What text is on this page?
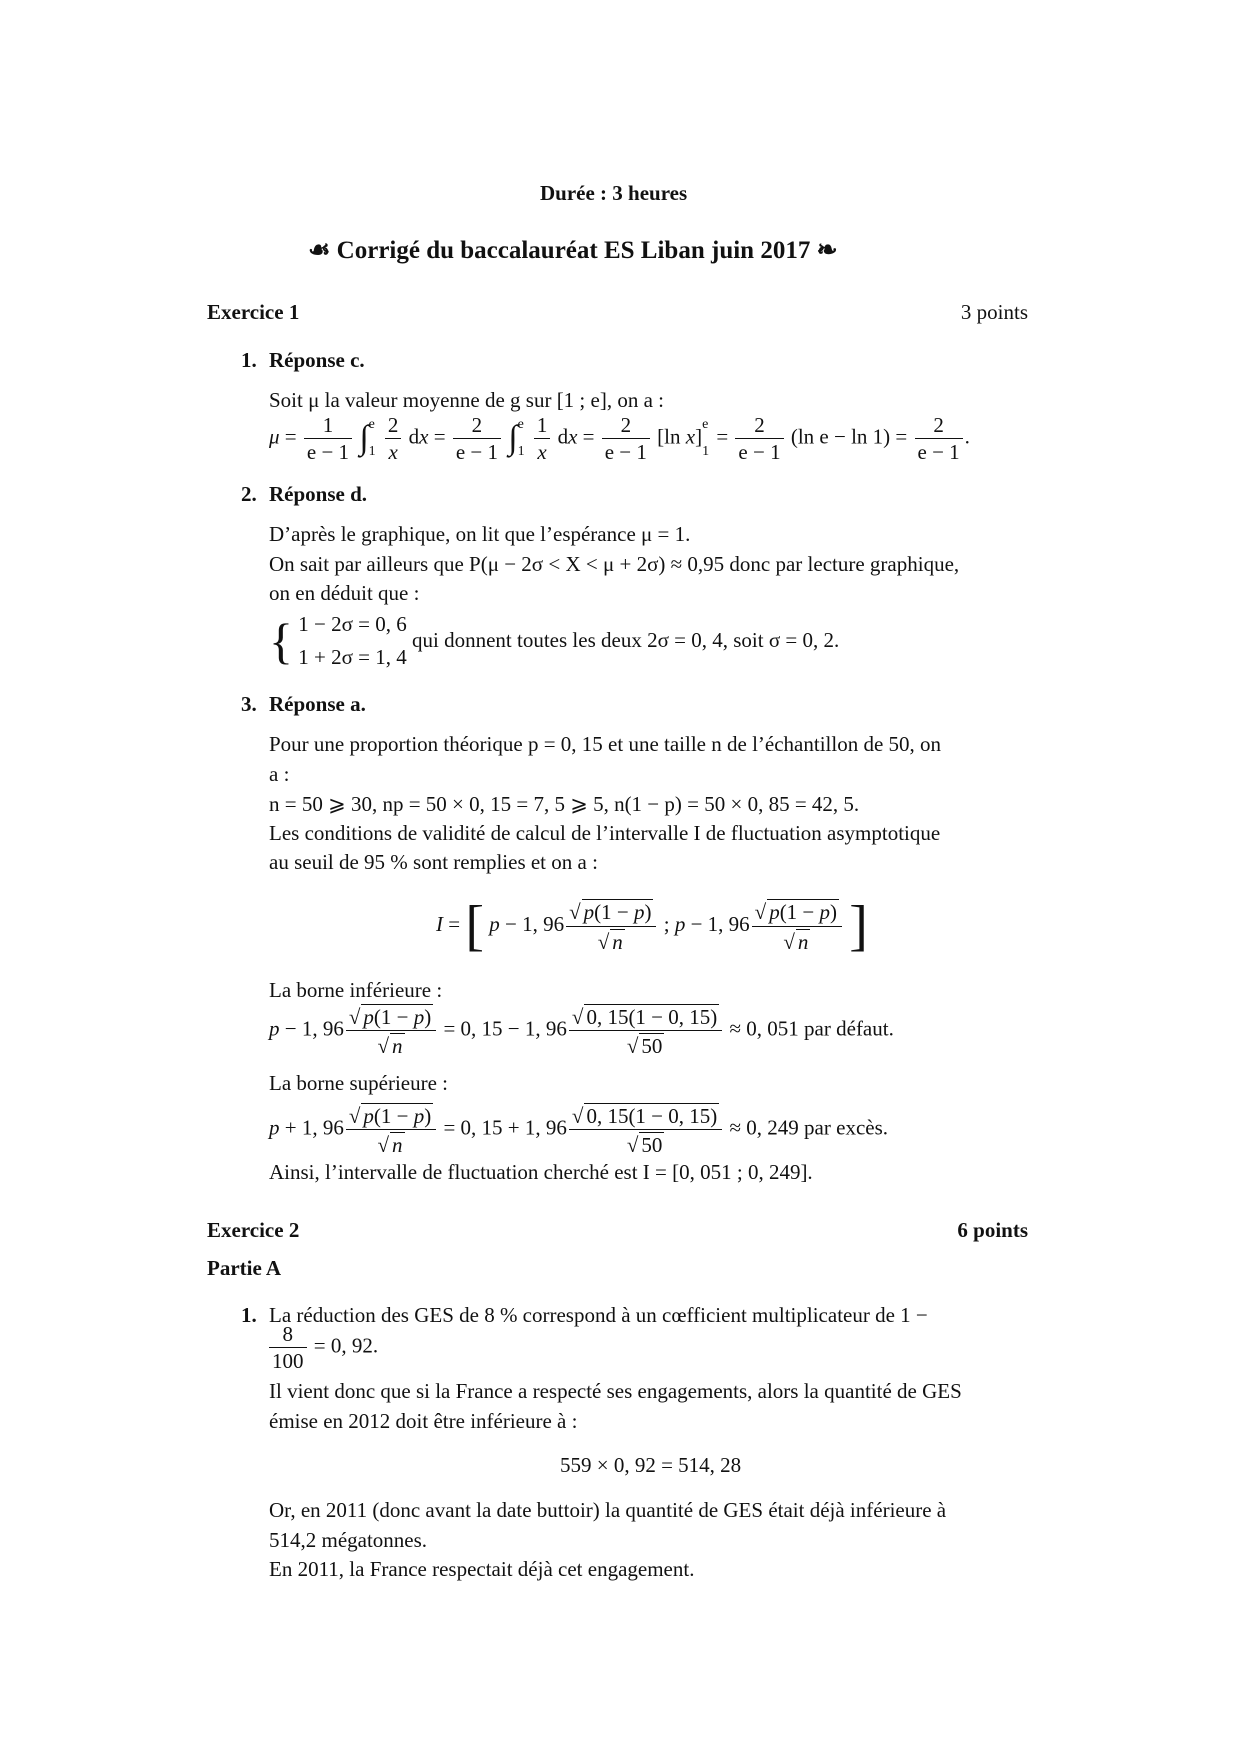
Durée : 3 heures
☙ Corrigé du baccalauréat ES Liban juin 2017 ❧
Exercice 1	3 points
1. Réponse c.
Soit μ la valeur moyenne de g sur [1 ; e], on a :
$\mu = \frac{1}{e - 1} \int e$
$1 \frac{2}{x}$ dx = $\frac{2}{e - 1} \int e$
$1 \frac{1}{x}$ dx = $\frac{2}{e - 1} [\ln$ x]e
$1 = \frac{2}{e - 1} (\ln$ $e - \ln 1) = \frac{2}{e - 1}$ .
2. Réponse d.
D’après le graphique, on lit que l’espérance μ = 1.
On sait par ailleurs que P(μ − 2σ < X < μ + 2σ) ≈ 0,95 donc par lecture graphique,
on en déduit que :
{ 1 − 2σ = 0, 6
1 + 2σ = 1, 4
qui donnent toutes les deux 2σ = 0, 4, soit σ = 0, 2.
3. Réponse a.
Pour une proportion théorique p = 0, 15 et une taille n de l’échantillon de 50, on
a :
n = 50 ⩾ 30, np = 50 × 0, 15 = 7, 5 ⩾ 5, n(1 − p) = 50 × 0, 85 = 42, 5.
Les conditions de validité de calcul de l’intervalle I de fluctuation asymptotique
au seuil de 95 % sont remplies et on a :
I = [ p − 1, $96 \frac{√ p(1 - p)}{√ n}$ ; p − 1, $96 \frac{√ p(1 - p)}{√ n}$ ]
La borne inférieure :
p − 1, $96 \frac{√ p(1 - p)}{√ n} = 0$, 15 − 1, $96 \frac{√ 0, 15(1 - 0, 15)}{√ 50} \approx 0$, 051 par défaut.
La borne supérieure :
p + 1, $96 \frac{√ p(1 - p)}{√ n} = 0$, 15 + 1, $96 \frac{√ 0, 15(1 - 0, 15)}{√ 50} \approx 0$, 249 par excès.
Ainsi, l’intervalle de fluctuation cherché est I = [0, 051 ; 0, 249].
Exercice 2	6 points
Partie A
1. La réduction des GES de 8 % correspond à un cœfficient multiplicateur de 1 −
$\frac{8}{100} = 0$, 92.
Il vient donc que si la France a respecté ses engagements, alors la quantité de GES
émise en 2012 doit être inférieure à :
559 × 0, 92 = 514, 28
Or, en 2011 (donc avant la date buttoir) la quantité de GES était déjà inférieure à
514,2 mégatonnes.
En 2011, la France respectait déjà cet engagement.
